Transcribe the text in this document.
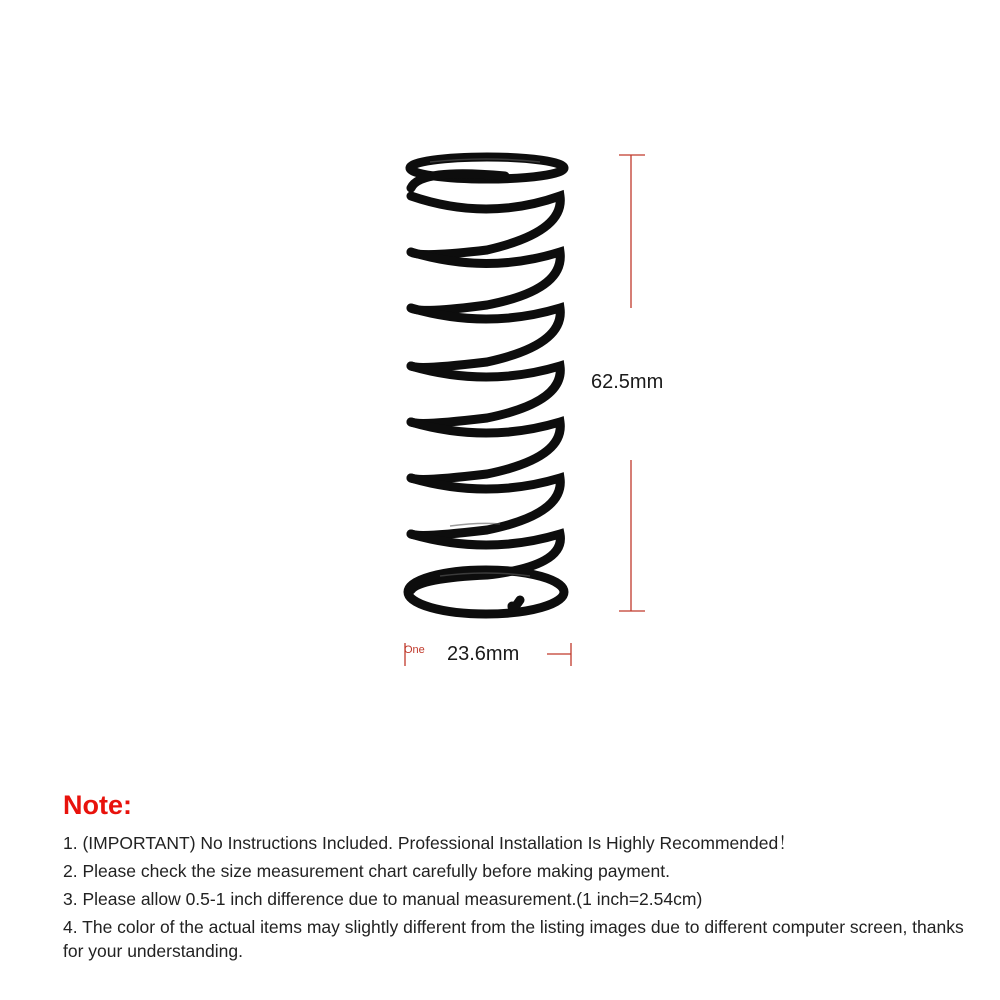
62.5mm
One 23.6mm
Note:
1. (IMPORTANT) No Instructions Included. Professional Installation Is Highly Recommended！
2. Please check the size measurement chart carefully before making payment.
3. Please allow 0.5-1 inch difference due to manual measurement.(1 inch=2.54cm)
4. The color of the actual items may slightly different from the listing images due to different computer screen, thanks for your understanding.
